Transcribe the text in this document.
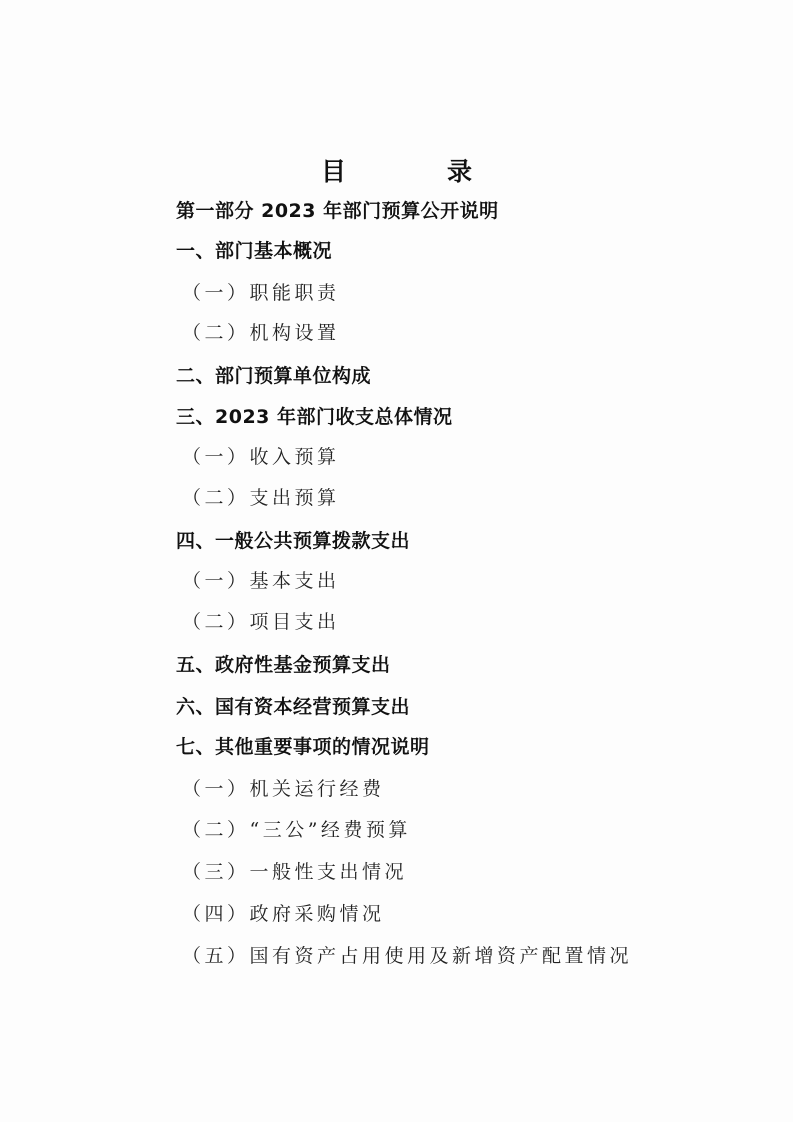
目　录
第一部分 2023 年部门预算公开说明
一、部门基本概况
（一）职能职责
（二）机构设置
二、部门预算单位构成
三、2023 年部门收支总体情况
（一）收入预算
（二）支出预算
四、一般公共预算拨款支出
（一）基本支出
（二）项目支出
五、政府性基金预算支出
六、国有资本经营预算支出
七、其他重要事项的情况说明
（一）机关运行经费
（二）“三公”经费预算
（三）一般性支出情况
（四）政府采购情况
（五）国有资产占用使用及新增资产配置情况
